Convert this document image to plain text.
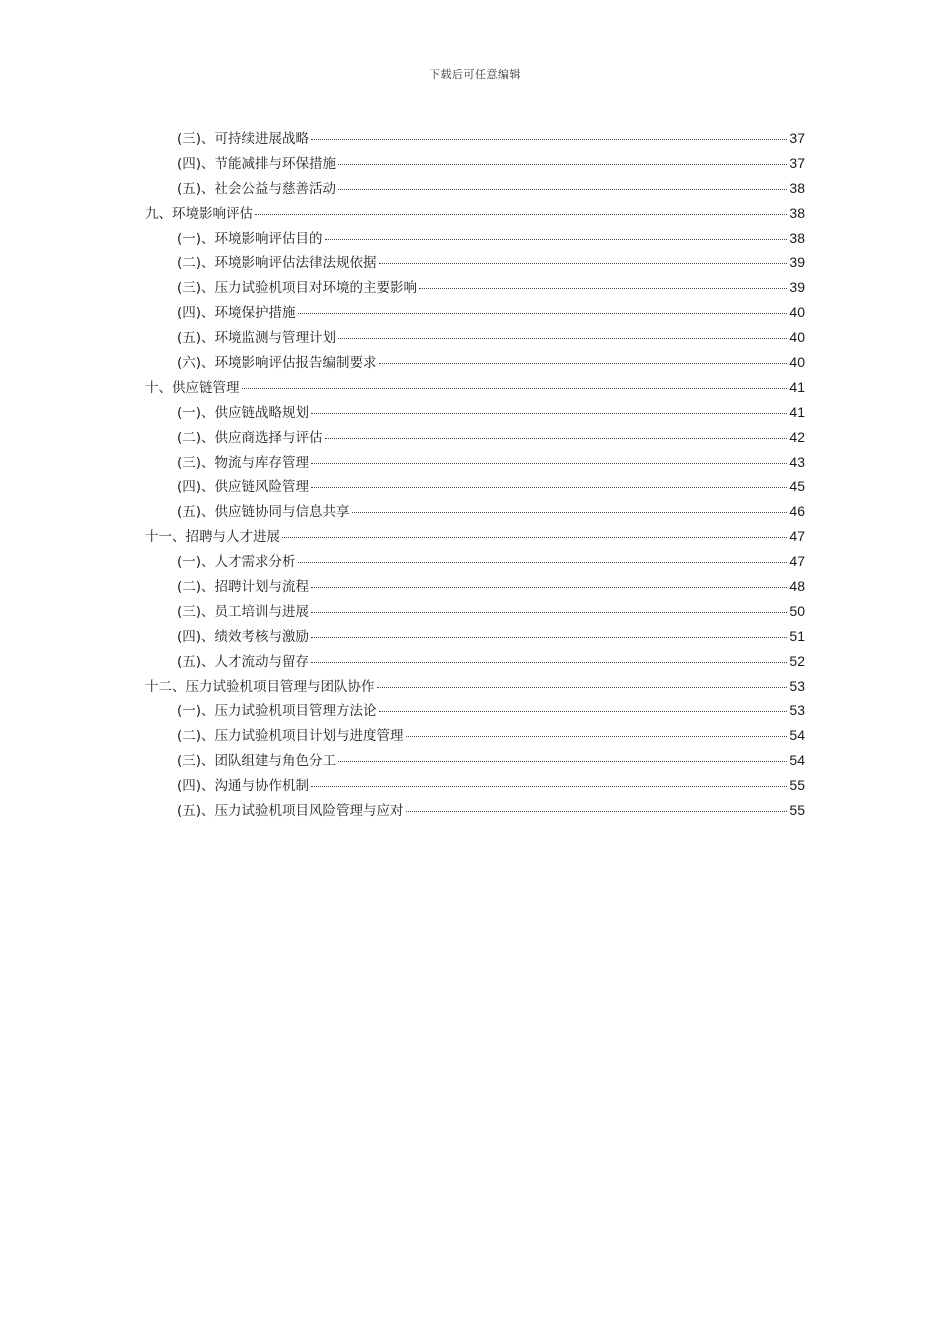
下载后可任意编辑
(三)、可持续进展战略	37
(四)、节能减排与环保措施	37
(五)、社会公益与慈善活动	38
九、环境影响评估	38
(一)、环境影响评估目的	38
(二)、环境影响评估法律法规依据	39
(三)、压力试验机项目对环境的主要影响	39
(四)、环境保护措施	40
(五)、环境监测与管理计划	40
(六)、环境影响评估报告编制要求	40
十、供应链管理	41
(一)、供应链战略规划	41
(二)、供应商选择与评估	42
(三)、物流与库存管理	43
(四)、供应链风险管理	45
(五)、供应链协同与信息共享	46
十一、招聘与人才进展	47
(一)、人才需求分析	47
(二)、招聘计划与流程	48
(三)、员工培训与进展	50
(四)、绩效考核与激励	51
(五)、人才流动与留存	52
十二、压力试验机项目管理与团队协作	53
(一)、压力试验机项目管理方法论	53
(二)、压力试验机项目计划与进度管理	54
(三)、团队组建与角色分工	54
(四)、沟通与协作机制	55
(五)、压力试验机项目风险管理与应对	55
